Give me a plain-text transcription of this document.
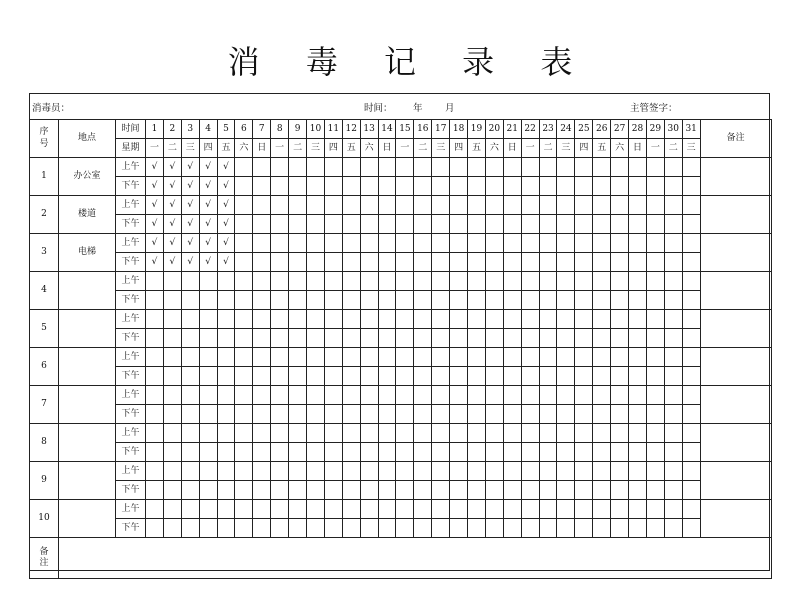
消 毒 记 录 表
消毒员：	时间： 年 月	主管签字：
序
号	地点	时间	1	2	3	4	5	6	7	8	9	10	11	12	13	14	15	16	17	18	19	20	21	22	23	24	25	26	27	28	29	30	31	备注
		星期	一	二	三	四	五	六	日	一	二	三	四	五	六	日	一	二	三	四	五	六	日	一	二	三	四	五	六	日	一	二	三	
1	办公室	上午	√	√	√	√	√																											
		下午	√	√	√	√	√																											
2	楼道	上午	√	√	√	√	√																											
		下午	√	√	√	√	√																											
3	电梯	上午	√	√	√	√	√																											
		下午	√	√	√	√	√																											
4		上午																																
		下午																																
5		上午																																
		下午																																
6		上午																																
		下午																																
7		上午																																
		下午																																
8		上午																																
		下午																																
9		上午																																
		下午																																
10		上午																																
		下午																																
备
注																																		
